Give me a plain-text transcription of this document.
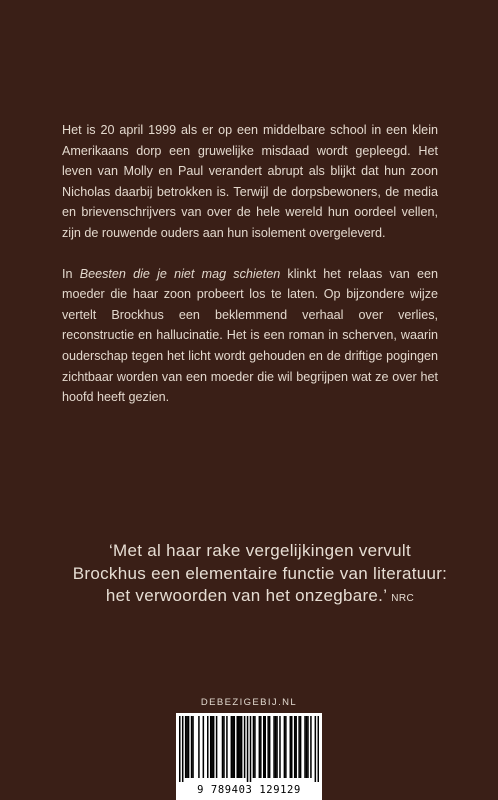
Het is 20 april 1999 als er op een middelbare school in een klein Amerikaans dorp een gruwelijke misdaad wordt gepleegd. Het leven van Molly en Paul verandert abrupt als blijkt dat hun zoon Nicholas daarbij betrokken is. Terwijl de dorpsbewoners, de media en brievenschrijvers van over de hele wereld hun oordeel vellen, zijn de rouwende ouders aan hun isolement overgeleverd.

In Beesten die je niet mag schieten klinkt het relaas van een moeder die haar zoon probeert los te laten. Op bijzondere wijze vertelt Brockhus een beklemmend verhaal over verlies, reconstructie en hallucinatie. Het is een roman in scherven, waarin ouderschap tegen het licht wordt gehouden en de driftige pogingen zichtbaar worden van een moeder die wil begrijpen wat ze over het hoofd heeft gezien.

‘Met al haar rake vergelijkingen vervult Brockhus een elementaire functie van literatuur: het verwoorden van het onzegbare.’ NRC
DEBEZIGEBIJ.NL
9 789403 129129
